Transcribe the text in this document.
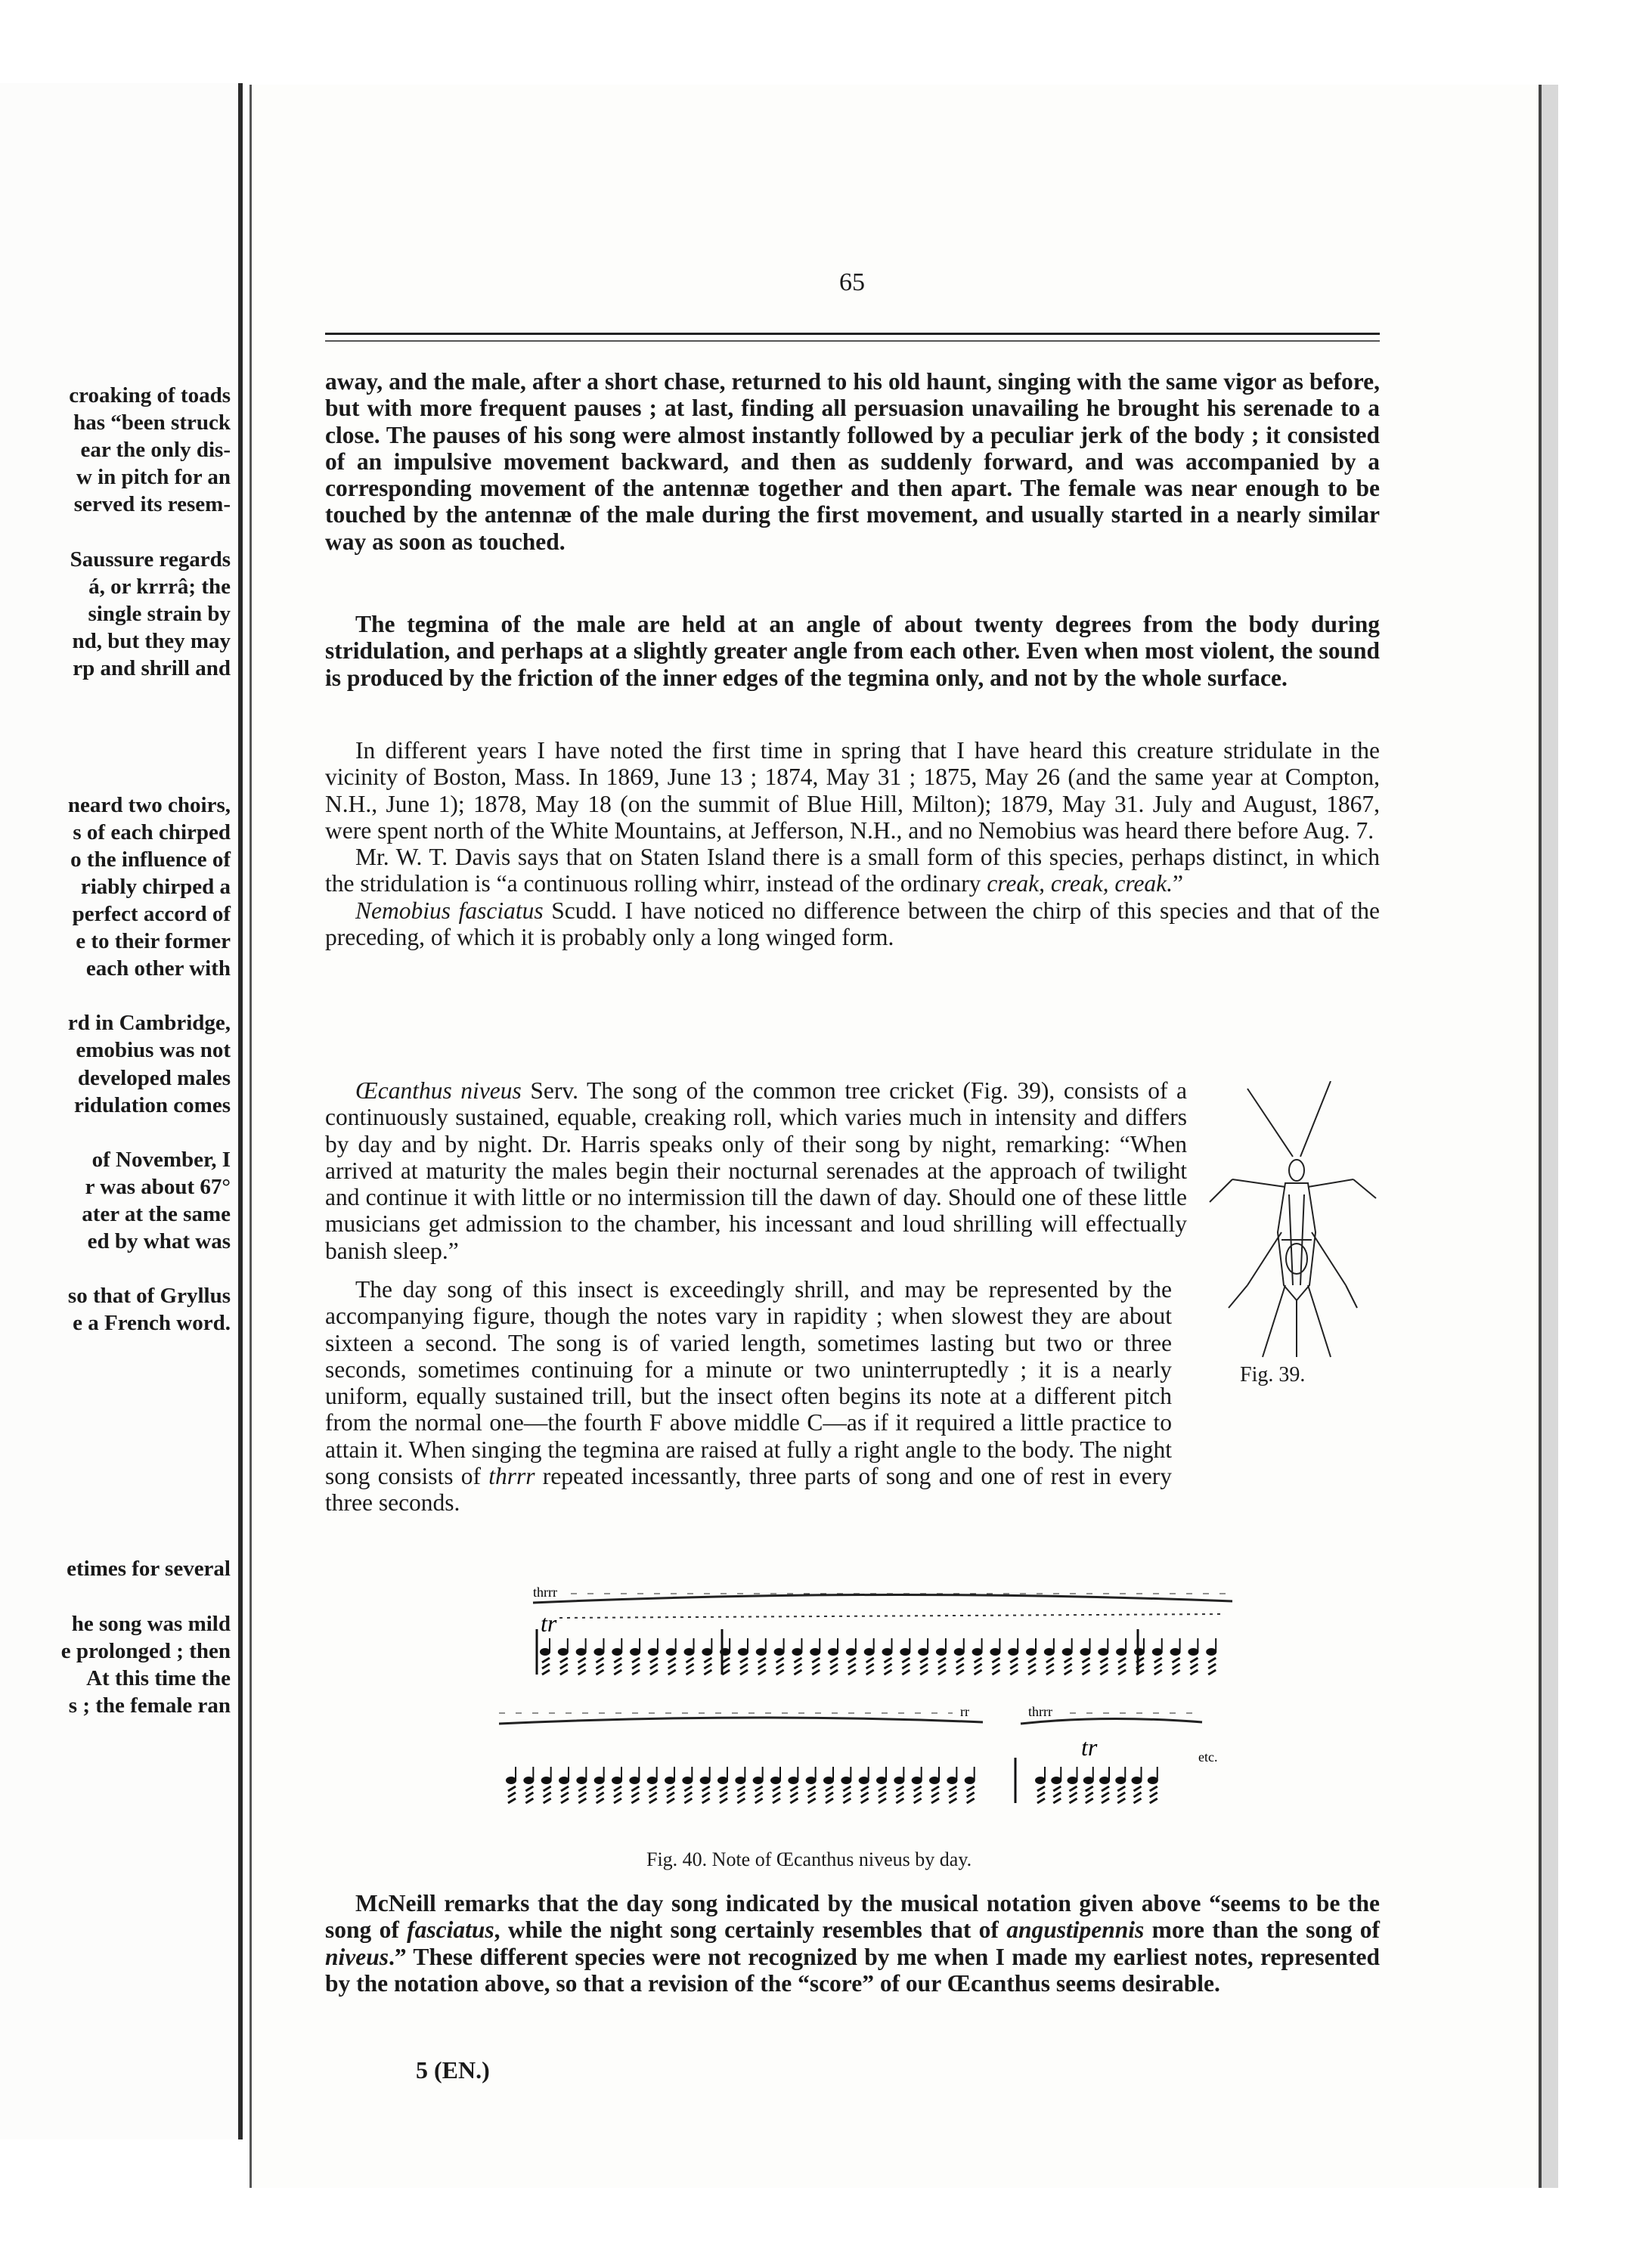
croaking of toads
has “been struck
ear the only dis-
w in pitch for an
served its resem-
Saussure regards
á, or krrrâ; the
single strain by
nd, but they may
rp and shrill and
neard two choirs,
s of each chirped
o the influence of
riably chirped a
perfect accord of
e to their former
each other with
rd in Cambridge,
emobius was not
developed males
ridulation comes
of November, I
r was about 67°
ater at the same
ed by what was
so that of Gryllus
e a French word.
etimes for several
he song was mild
e prolonged ; then
At this time the
s ; the female ran
65

away, and the male, after a short chase, returned to his old haunt, singing with the same vigor as before, but with more frequent pauses ; at last, finding all persuasion unavailing he brought his serenade to a close. The pauses of his song were almost instantly followed by a peculiar jerk of the body ; it consisted of an impulsive movement backward, and then as suddenly forward, and was accompanied by a corresponding movement of the antennæ together and then apart. The female was near enough to be touched by the antennæ of the male during the first movement, and usually started in a nearly similar way as soon as touched.

The tegmina of the male are held at an angle of about twenty degrees from the body during stridulation, and perhaps at a slightly greater angle from each other. Even when most violent, the sound is produced by the friction of the inner edges of the tegmina only, and not by the whole surface.

In different years I have noted the first time in spring that I have heard this creature stridulate in the vicinity of Boston, Mass. In 1869, June 13 ; 1874, May 31 ; 1875, May 26 (and the same year at Compton, N.H., June 1); 1878, May 18 (on the summit of Blue Hill, Milton); 1879, May 31. July and August, 1867, were spent north of the White Mountains, at Jefferson, N.H., and no Nemobius was heard there before Aug. 7.

Mr. W. T. Davis says that on Staten Island there is a small form of this species, perhaps distinct, in which the stridulation is “a continuous rolling whirr, instead of the ordinary creak, creak, creak.”

Nemobius fasciatus Scudd. I have noticed no difference between the chirp of this species and that of the preceding, of which it is probably only a long winged form.

Œcanthus niveus Serv. The song of the common tree cricket (Fig. 39), consists of a continuously sustained, equable, creaking roll, which varies much in intensity and differs by day and by night. Dr. Harris speaks only of their song by night, remarking: “When arrived at maturity the males begin their nocturnal serenades at the approach of twilight and continue it with little or no intermission till the dawn of day. Should one of these little musicians get admission to the chamber, his incessant and loud shrilling will effectually banish sleep.”

Fig. 39.

The day song of this insect is exceedingly shrill, and may be represented by the accompanying figure, though the notes vary in rapidity ; when slowest they are about sixteen a second. The song is of varied length, sometimes lasting but two or three seconds, sometimes continuing for a minute or two uninterruptedly ; it is a nearly uniform, equally sustained trill, but the insect often begins its note at a different pitch from the normal one—the fourth F above middle C—as if it required a little practice to attain it. When singing the tegmina are raised at fully a right angle to the body. The night song consists of thrrr repeated incessantly, three parts of song and one of rest in every three seconds.

thrrr
tr
rr	thrrr
tr	etc.
Fig. 40. Note of Œcanthus niveus by day.

McNeill remarks that the day song indicated by the musical notation given above “seems to be the song of fasciatus, while the night song certainly resembles that of angustipennis more than the song of niveus.” These different species were not recognized by me when I made my earliest notes, represented by the notation above, so that a revision of the “score” of our Œcanthus seems desirable.

5 (EN.)
